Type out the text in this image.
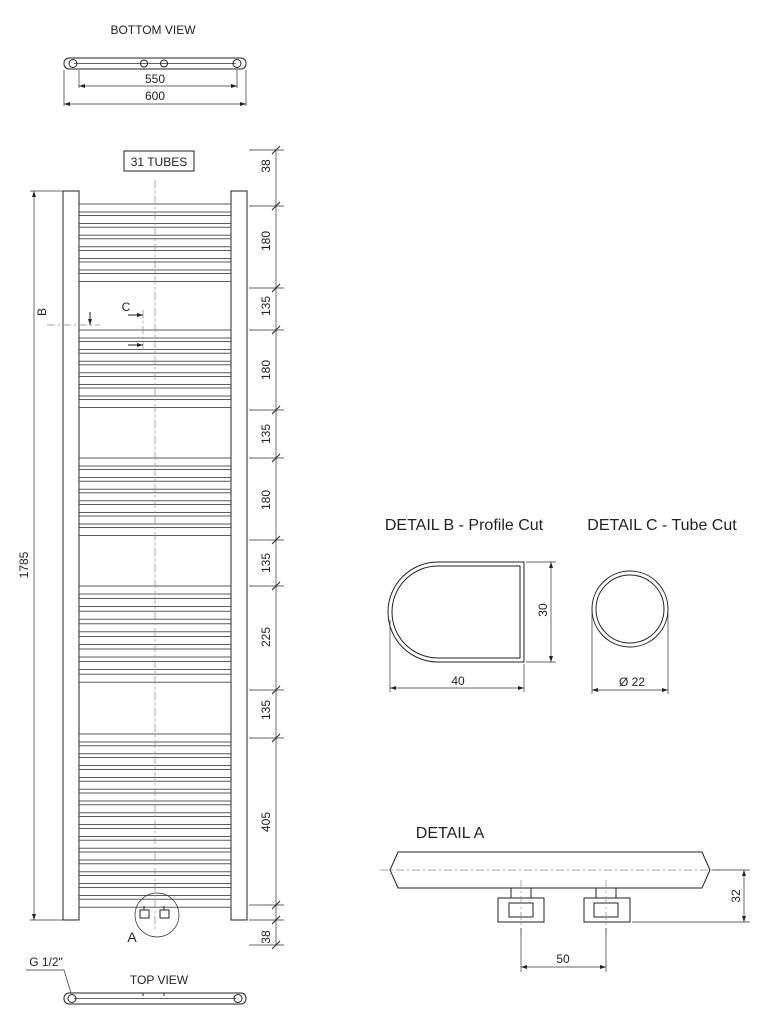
BOTTOM VIEW
550
600
31 TUBES
B	C
A
1785
38
180
135
180
135
180
135
225
135
405
38
G 1/2"
TOP VIEW
DETAIL B - Profile Cut
30
40
DETAIL C - Tube Cut
Ø 22
DETAIL A
32
50
